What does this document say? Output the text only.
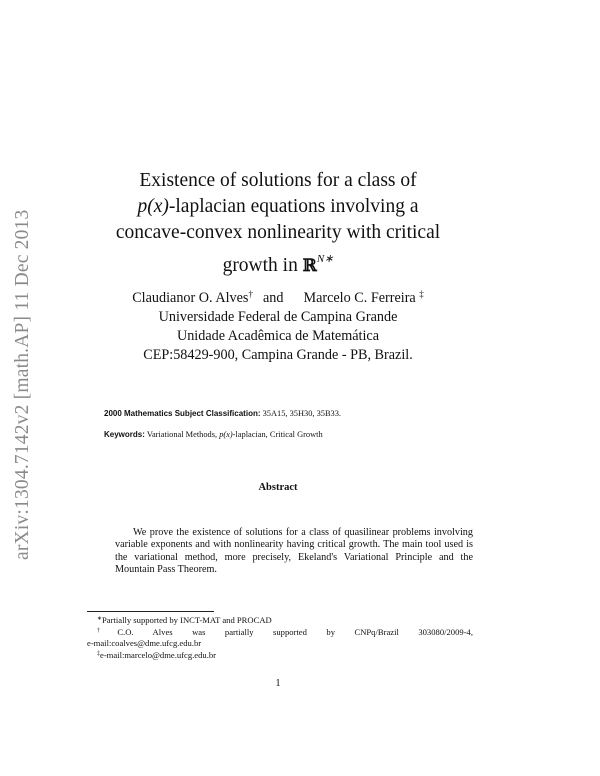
arXiv:1304.7142v2 [math.AP] 11 Dec 2013
Existence of solutions for a class of
p(x)-laplacian equations involving a
concave-convex nonlinearity with critical
growth in ℝ$^{N∗}$
Claudianor O. Alves† and Marcelo C. Ferreira ‡
Universidade Federal de Campina Grande
Unidade Acadêmica de Matemática
CEP:58429-900, Campina Grande - PB, Brazil.
2000 Mathematics Subject Classification: 35A15, 35H30, 35B33.
Keywords: Variational Methods, p(x)-laplacian, Critical Growth
Abstract
We prove the existence of solutions for a class of quasilinear problems involving variable exponents and with nonlinearity having critical growth. The main tool used is the variational method, more precisely, Ekeland's Variational Principle and the Mountain Pass Theorem.
∗Partially supported by INCT-MAT and PROCAD
†C.O. Alves was partially supported by CNPq/Brazil 303080/2009-4,
e-mail:coalves@dme.ufcg.edu.br
‡e-mail:marcelo@dme.ufcg.edu.br
1
